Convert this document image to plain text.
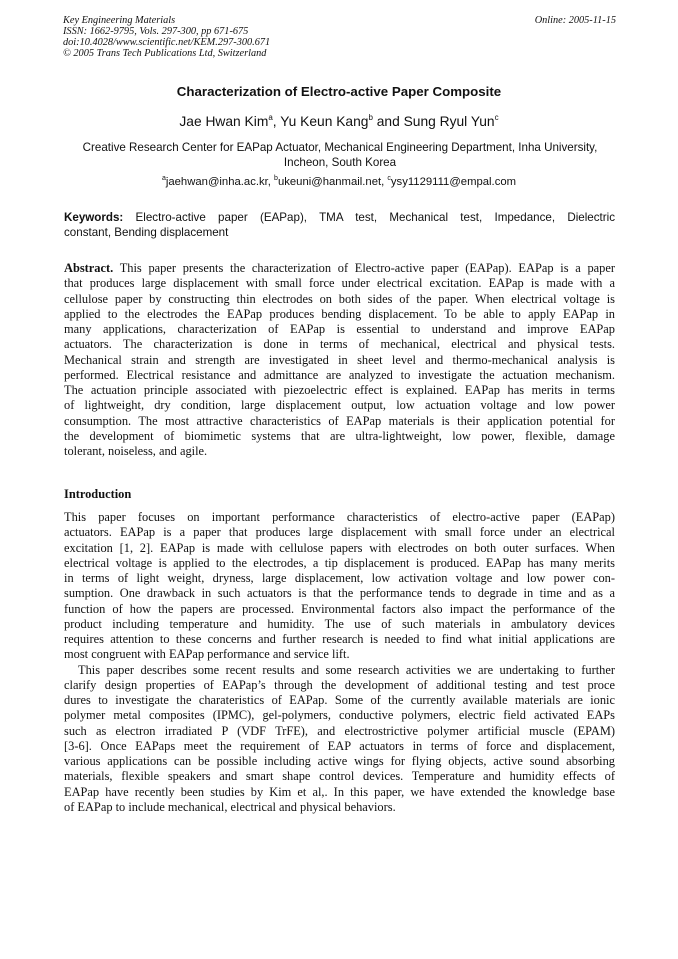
Key Engineering Materials
ISSN: 1662-9795, Vols. 297-300, pp 671-675
doi:10.4028/www.scientific.net/KEM.297-300.671
© 2005 Trans Tech Publications Ltd, Switzerland
Online: 2005-11-15
Characterization of Electro-active Paper Composite
Jae Hwan Kim$^a$, Yu Keun Kang$^b$ and Sung Ryul Yun$^c$
Creative Research Center for EAPap Actuator, Mechanical Engineering Department, Inha University,
Incheon, South Korea
$^a$jaehwan@inha.ac.kr, $^b$ukeuni@hanmail.net, $^c$ysy1129111@empal.com
Keywords: Electro-active paper (EAPap), TMA test, Mechanical test, Impedance, Dielectric
constant, Bending displacement
Abstract. This paper presents the characterization of Electro-active paper (EAPap). EAPap is a paper
that produces large displacement with small force under electrical excitation. EAPap is made with a
cellulose paper by constructing thin electrodes on both sides of the paper. When electrical voltage is
applied to the electrodes the EAPap produces bending displacement. To be able to apply EAPap in
many applications, characterization of EAPap is essential to understand and improve EAPap
actuators. The characterization is done in terms of mechanical, electrical and physical tests.
Mechanical strain and strength are investigated in sheet level and thermo-mechanical analysis is
performed. Electrical resistance and admittance are analyzed to investigate the actuation mechanism.
The actuation principle associated with piezoelectric effect is explained. EAPap has merits in terms
of lightweight, dry condition, large displacement output, low actuation voltage and low power
consumption. The most attractive characteristics of EAPap materials is their application potential for
the development of biomimetic systems that are ultra-lightweight, low power, flexible, damage
tolerant, noiseless, and agile.
Introduction
This paper focuses on important performance characteristics of electro-active paper (EAPap)
actuators. EAPap is a paper that produces large displacement with small force under an electrical
excitation [1, 2]. EAPap is made with cellulose papers with electrodes on both outer surfaces. When
electrical voltage is applied to the electrodes, a tip displacement is produced. EAPap has many merits
in terms of light weight, dryness, large displacement, low activation voltage and low power con-
sumption. One drawback in such actuators is that the performance tends to degrade in time and as a
function of how the papers are processed. Environmental factors also impact the performance of the
product including temperature and humidity. The use of such materials in ambulatory devices
requires attention to these concerns and further research is needed to find what initial applications are
most congruent with EAPap performance and service lift.
This paper describes some recent results and some research activities we are undertaking to further
clarify design properties of EAPap’s through the development of additional testing and test proce
dures to investigate the charateristics of EAPap. Some of the currently available materials are ionic
polymer metal composites (IPMC), gel-polymers, conductive polymers, electric field activated EAPs
such as electron irradiated P (VDF TrFE), and electrostrictive polymer artificial muscle (EPAM)
[3-6]. Once EAPaps meet the requirement of EAP actuators in terms of force and displacement,
various applications can be possible including active wings for flying objects, active sound absorbing
materials, flexible speakers and smart shape control devices. Temperature and humidity effects of
EAPap have recently been studies by Kim et al,. In this paper, we have extended the knowledge base
of EAPap to include mechanical, electrical and physical behaviors.
